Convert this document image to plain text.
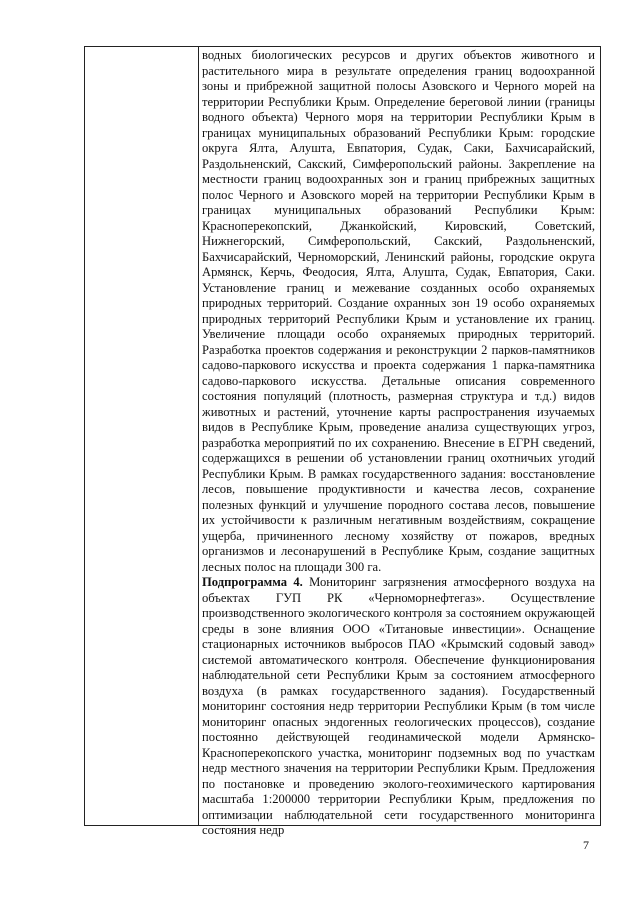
водных биологических ресурсов и других объектов животного и растительного мира в результате определения границ водоохранной зоны и прибрежной защитной полосы Азовского и Черного морей на территории Республики Крым. Определение береговой линии (границы водного объекта) Черного моря на территории Республики Крым в границах муниципальных образований Республики Крым: городские округа Ялта, Алушта, Евпатория, Судак, Саки, Бахчисарайский, Раздольненский, Сакский, Симферопольский районы. Закрепление на местности границ водоохранных зон и границ прибрежных защитных полос Черного и Азовского морей на территории Республики Крым в границах муниципальных образований Республики Крым: Красноперекопский, Джанкойский, Кировский, Советский, Нижнегорский, Симферопольский, Сакский, Раздольненский, Бахчисарайский, Черноморский, Ленинский районы, городские округа Армянск, Керчь, Феодосия, Ялта, Алушта, Судак, Евпатория, Саки. Установление границ и межевание созданных особо охраняемых природных территорий. Создание охранных зон 19 особо охраняемых природных территорий Республики Крым и установление их границ. Увеличение площади особо охраняемых природных территорий. Разработка проектов содержания и реконструкции 2 парков-памятников садово-паркового искусства и проекта содержания 1 парка-памятника садово-паркового искусства. Детальные описания современного состояния популяций (плотность, размерная структура и т.д.) видов животных и растений, уточнение карты распространения изучаемых видов в Республике Крым, проведение анализа существующих угроз, разработка мероприятий по их сохранению. Внесение в ЕГРН сведений, содержащихся в решении об установлении границ охотничьих угодий Республики Крым. В рамках государственного задания: восстановление лесов, повышение продуктивности и качества лесов, сохранение полезных функций и улучшение породного состава лесов, повышение их устойчивости к различным негативным воздействиям, сокращение ущерба, причиненного лесному хозяйству от пожаров, вредных организмов и лесонарушений в Республике Крым, создание защитных лесных полос на площади 300 га.

Подпрограмма 4. Мониторинг загрязнения атмосферного воздуха на объектах ГУП РК «Черноморнефтегаз». Осуществление производственного экологического контроля за состоянием окружающей среды в зоне влияния ООО «Титановые инвестиции». Оснащение стационарных источников выбросов ПАО «Крымский содовый завод» системой автоматического контроля. Обеспечение функционирования наблюдательной сети Республики Крым за состоянием атмосферного воздуха (в рамках государственного задания). Государственный мониторинг состояния недр территории Республики Крым (в том числе мониторинг опасных эндогенных геологических процессов), создание постоянно действующей геодинамической модели Армянско-Красноперекопского участка, мониторинг подземных вод по участкам недр местного значения на территории Республики Крым. Предложения по постановке и проведению эколого-геохимического картирования масштаба 1:200000 территории Республики Крым, предложения по оптимизации наблюдательной сети государственного мониторинга состояния недр

7
